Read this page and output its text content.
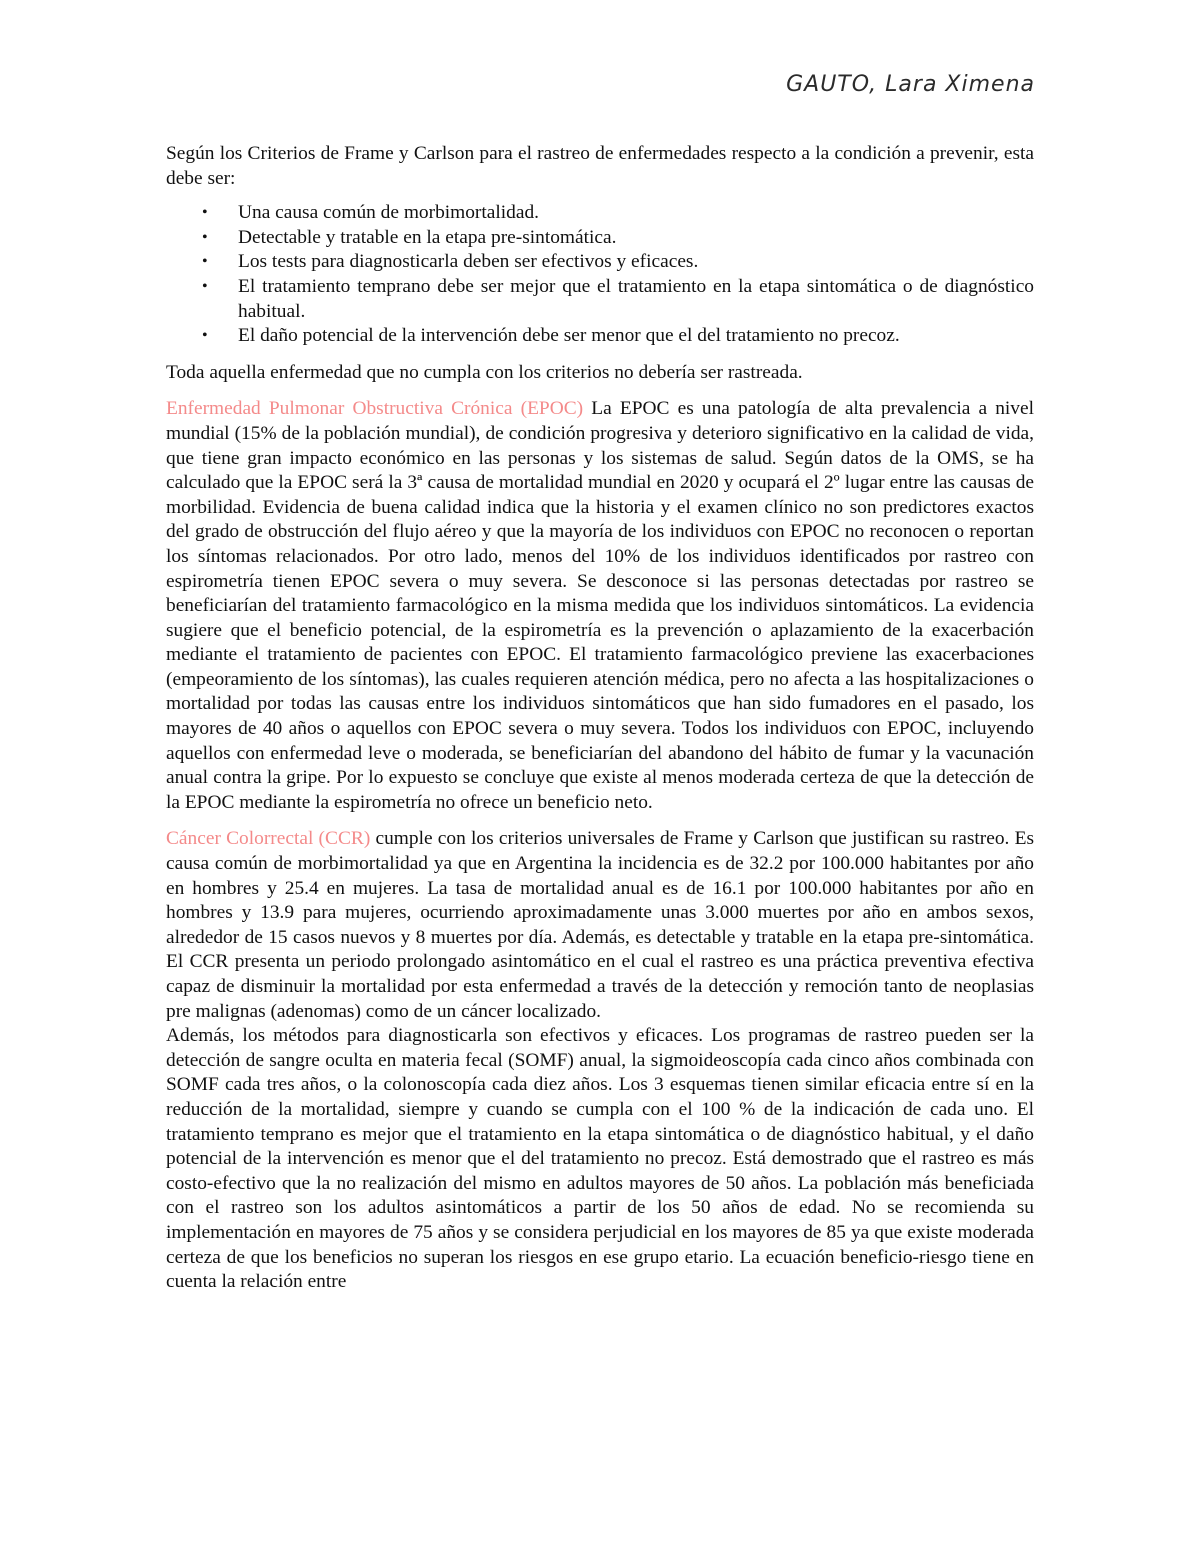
GAUTO, Lara Ximena

Según los Criterios de Frame y Carlson para el rastreo de enfermedades respecto a la condición a prevenir, esta debe ser:

• Una causa común de morbimortalidad.
• Detectable y tratable en la etapa pre-sintomática.
• Los tests para diagnosticarla deben ser efectivos y eficaces.
• El tratamiento temprano debe ser mejor que el tratamiento en la etapa sintomática o de diagnóstico habitual.
• El daño potencial de la intervención debe ser menor que el del tratamiento no precoz.

Toda aquella enfermedad que no cumpla con los criterios no debería ser rastreada.

Enfermedad Pulmonar Obstructiva Crónica (EPOC) La EPOC es una patología de alta prevalencia a nivel mundial (15% de la población mundial), de condición progresiva y deterioro significativo en la calidad de vida, que tiene gran impacto económico en las personas y los sistemas de salud. Según datos de la OMS, se ha calculado que la EPOC será la 3ª causa de mortalidad mundial en 2020 y ocupará el 2º lugar entre las causas de morbilidad. Evidencia de buena calidad indica que la historia y el examen clínico no son predictores exactos del grado de obstrucción del flujo aéreo y que la mayoría de los individuos con EPOC no reconocen o reportan los síntomas relacionados. Por otro lado, menos del 10% de los individuos identificados por rastreo con espirometría tienen EPOC severa o muy severa. Se desconoce si las personas detectadas por rastreo se beneficiarían del tratamiento farmacológico en la misma medida que los individuos sintomáticos. La evidencia sugiere que el beneficio potencial, de la espirometría es la prevención o aplazamiento de la exacerbación mediante el tratamiento de pacientes con EPOC. El tratamiento farmacológico previene las exacerbaciones (empeoramiento de los síntomas), las cuales requieren atención médica, pero no afecta a las hospitalizaciones o mortalidad por todas las causas entre los individuos sintomáticos que han sido fumadores en el pasado, los mayores de 40 años o aquellos con EPOC severa o muy severa. Todos los individuos con EPOC, incluyendo aquellos con enfermedad leve o moderada, se beneficiarían del abandono del hábito de fumar y la vacunación anual contra la gripe. Por lo expuesto se concluye que existe al menos moderada certeza de que la detección de la EPOC mediante la espirometría no ofrece un beneficio neto.

Cáncer Colorrectal (CCR) cumple con los criterios universales de Frame y Carlson que justifican su rastreo. Es causa común de morbimortalidad ya que en Argentina la incidencia es de 32.2 por 100.000 habitantes por año en hombres y 25.4 en mujeres. La tasa de mortalidad anual es de 16.1 por 100.000 habitantes por año en hombres y 13.9 para mujeres, ocurriendo aproximadamente unas 3.000 muertes por año en ambos sexos, alrededor de 15 casos nuevos y 8 muertes por día. Además, es detectable y tratable en la etapa pre-sintomática. El CCR presenta un periodo prolongado asintomático en el cual el rastreo es una práctica preventiva efectiva capaz de disminuir la mortalidad por esta enfermedad a través de la detección y remoción tanto de neoplasias pre malignas (adenomas) como de un cáncer localizado.

Además, los métodos para diagnosticarla son efectivos y eficaces. Los programas de rastreo pueden ser la detección de sangre oculta en materia fecal (SOMF) anual, la sigmoideoscopía cada cinco años combinada con SOMF cada tres años, o la colonoscopía cada diez años. Los 3 esquemas tienen similar eficacia entre sí en la reducción de la mortalidad, siempre y cuando se cumpla con el 100 % de la indicación de cada uno. El tratamiento temprano es mejor que el tratamiento en la etapa sintomática o de diagnóstico habitual, y el daño potencial de la intervención es menor que el del tratamiento no precoz. Está demostrado que el rastreo es más costo-efectivo que la no realización del mismo en adultos mayores de 50 años. La población más beneficiada con el rastreo son los adultos asintomáticos a partir de los 50 años de edad. No se recomienda su implementación en mayores de 75 años y se considera perjudicial en los mayores de 85 ya que existe moderada certeza de que los beneficios no superan los riesgos en ese grupo etario. La ecuación beneficio-riesgo tiene en cuenta la relación entre
